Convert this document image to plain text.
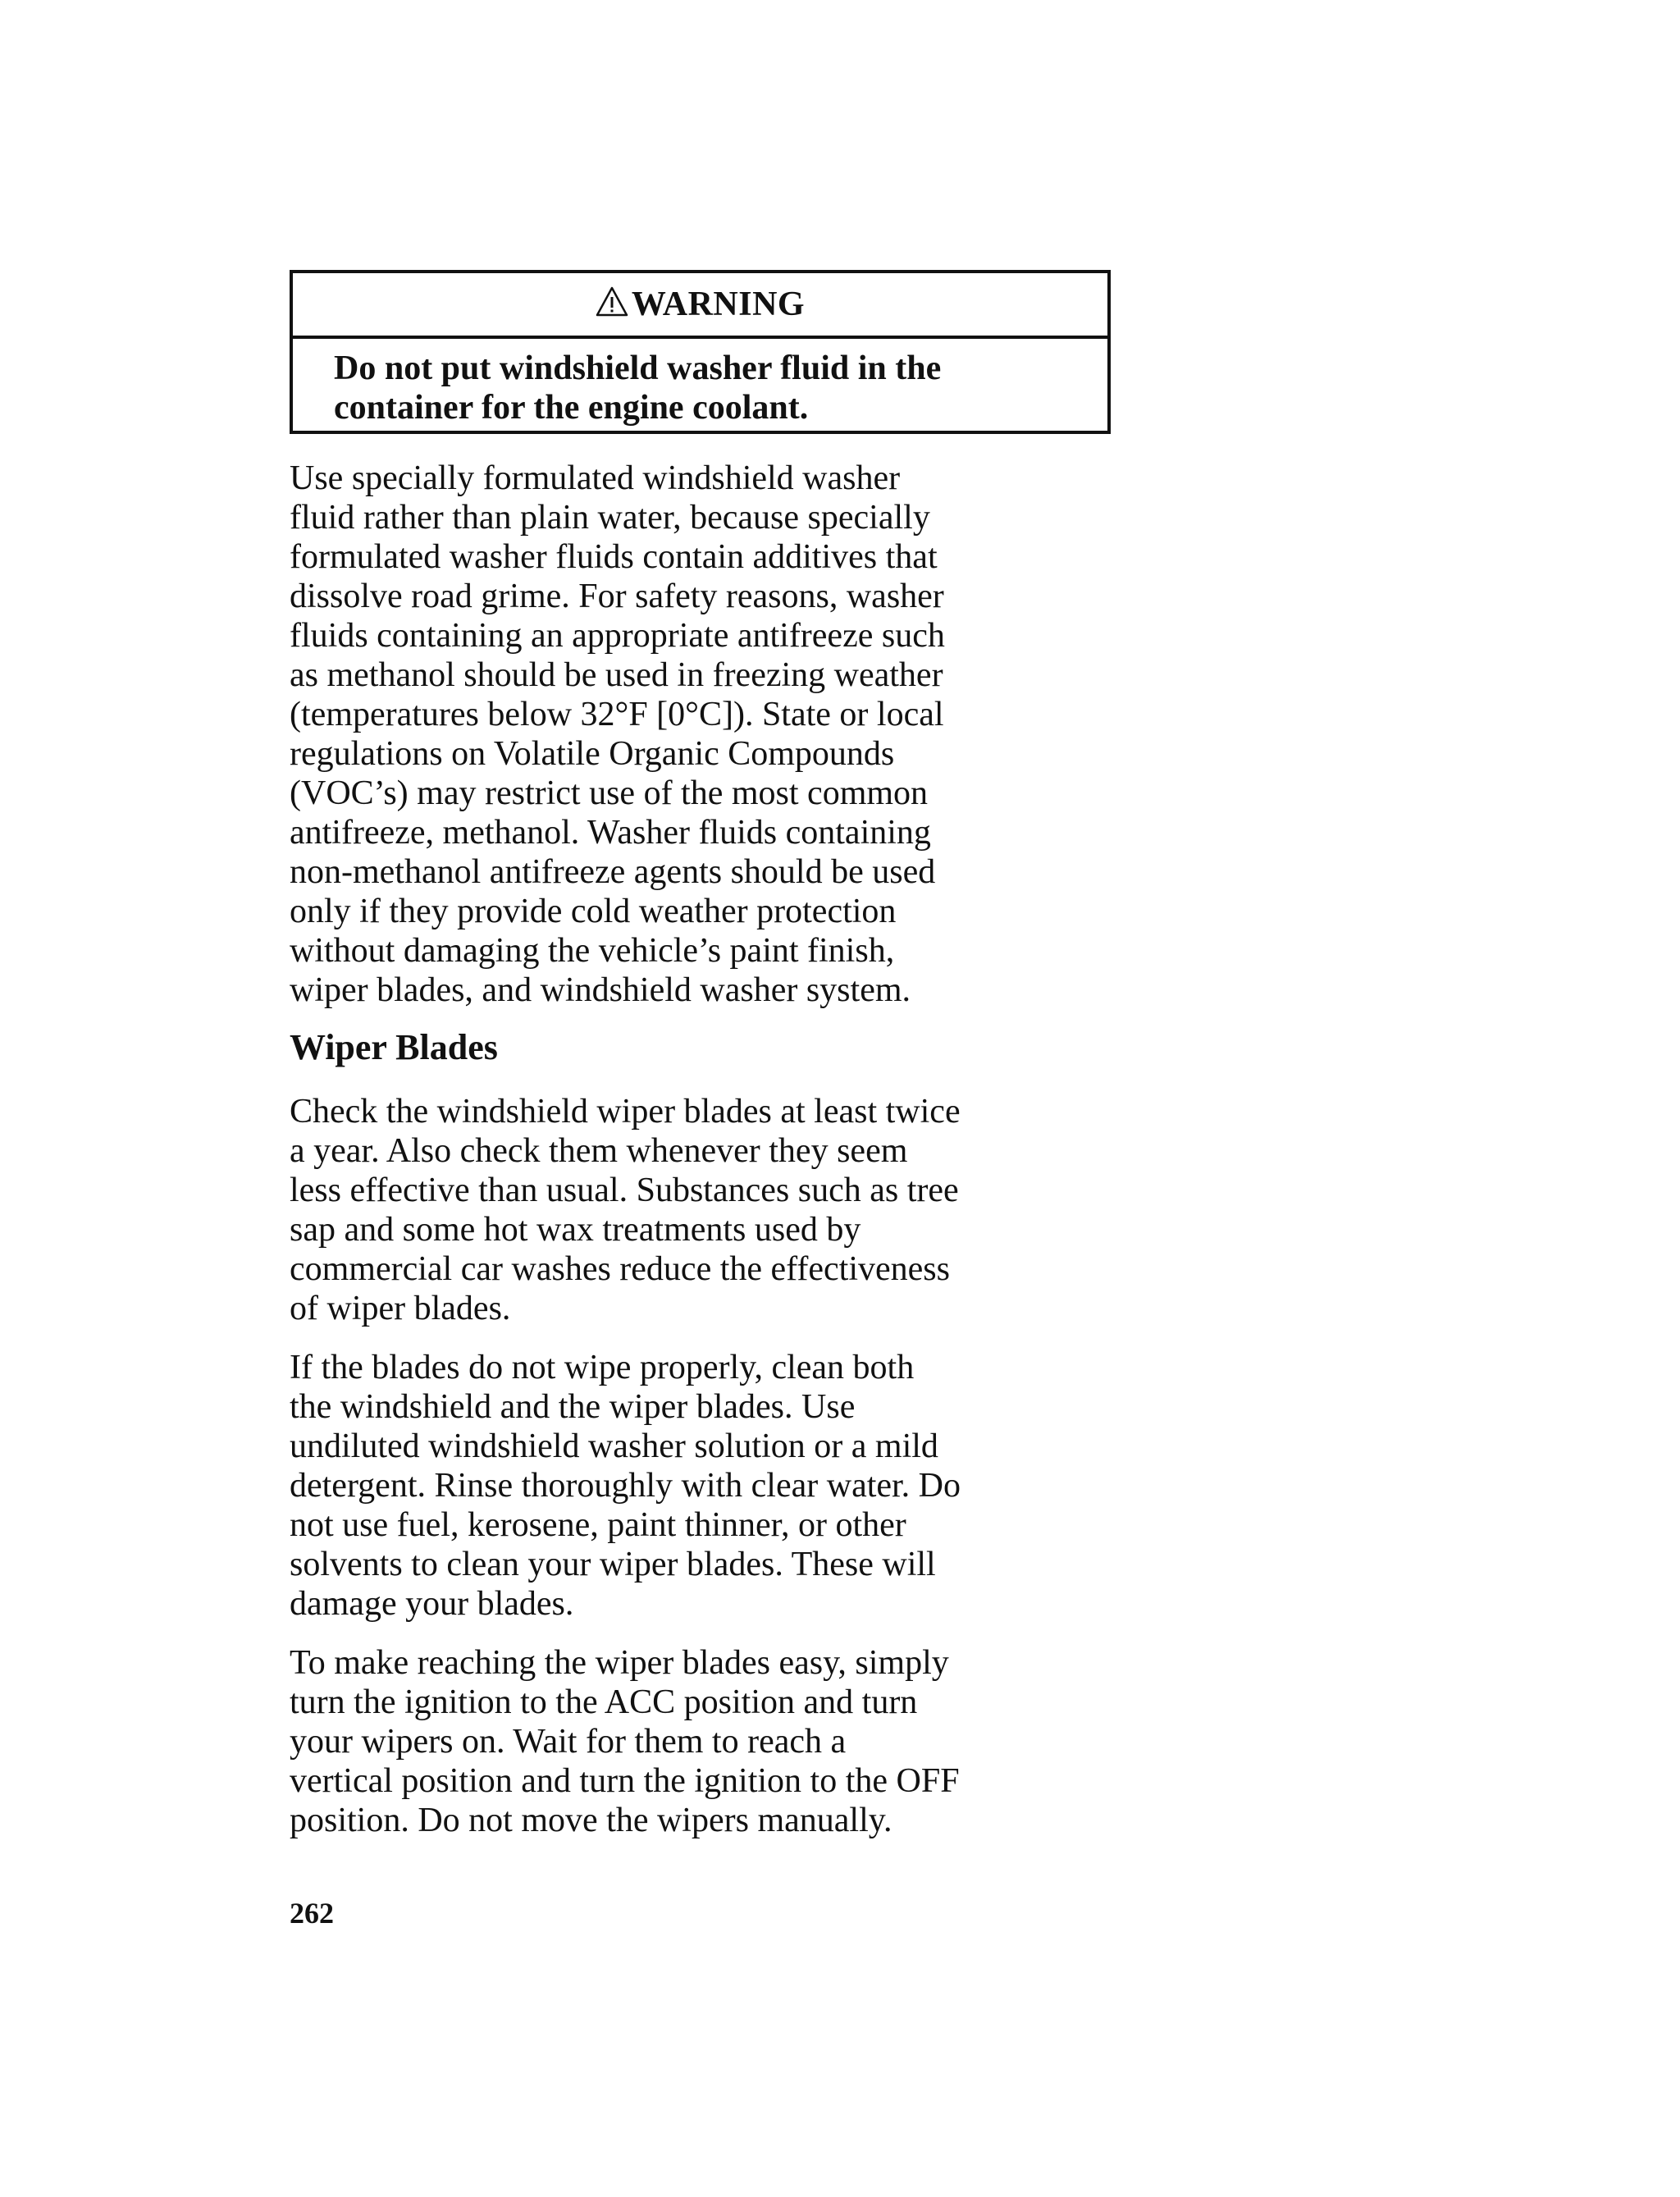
WARNING
Do not put windshield washer fluid in the
container for the engine coolant.

Use specially formulated windshield washer
fluid rather than plain water, because specially
formulated washer fluids contain additives that
dissolve road grime. For safety reasons, washer
fluids containing an appropriate antifreeze such
as methanol should be used in freezing weather
(temperatures below 32°F [0°C]). State or local
regulations on Volatile Organic Compounds
(VOC’s) may restrict use of the most common
antifreeze, methanol. Washer fluids containing
non-methanol antifreeze agents should be used
only if they provide cold weather protection
without damaging the vehicle’s paint finish,
wiper blades, and windshield washer system.

Wiper Blades

Check the windshield wiper blades at least twice
a year. Also check them whenever they seem
less effective than usual. Substances such as tree
sap and some hot wax treatments used by
commercial car washes reduce the effectiveness
of wiper blades.

If the blades do not wipe properly, clean both
the windshield and the wiper blades. Use
undiluted windshield washer solution or a mild
detergent. Rinse thoroughly with clear water. Do
not use fuel, kerosene, paint thinner, or other
solvents to clean your wiper blades. These will
damage your blades.

To make reaching the wiper blades easy, simply
turn the ignition to the ACC position and turn
your wipers on. Wait for them to reach a
vertical position and turn the ignition to the OFF
position. Do not move the wipers manually.

262
